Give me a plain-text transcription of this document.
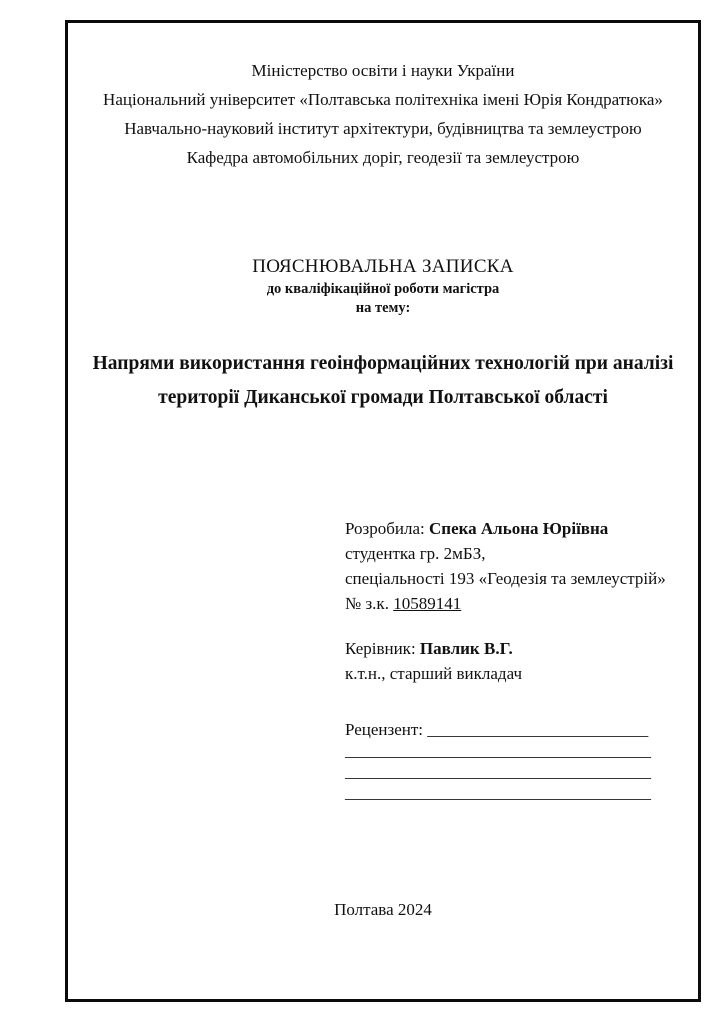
Міністерство освіти і науки України
Національний університет «Полтавська політехніка імені Юрія Кондратюка»
Навчально-науковий інститут архітектури, будівництва та землеустрою
Кафедра автомобільних доріг, геодезії та землеустрою
ПОЯСНЮВАЛЬНА ЗАПИСКА
до кваліфікаційної роботи магістра
на тему:
Напрями використання геоінформаційних технологій при аналізі
території Диканської громади Полтавської області
Розробила: Спека Альона Юріївна
студентка гр. 2мБЗ,
спеціальності 193 «Геодезія та землеустрій»
№ з.к. 10589141
Керівник: Павлик В.Г.
к.т.н., старший викладач
Рецензент: __________________________
____________________________________
____________________________________
____________________________________
Полтава 2024
